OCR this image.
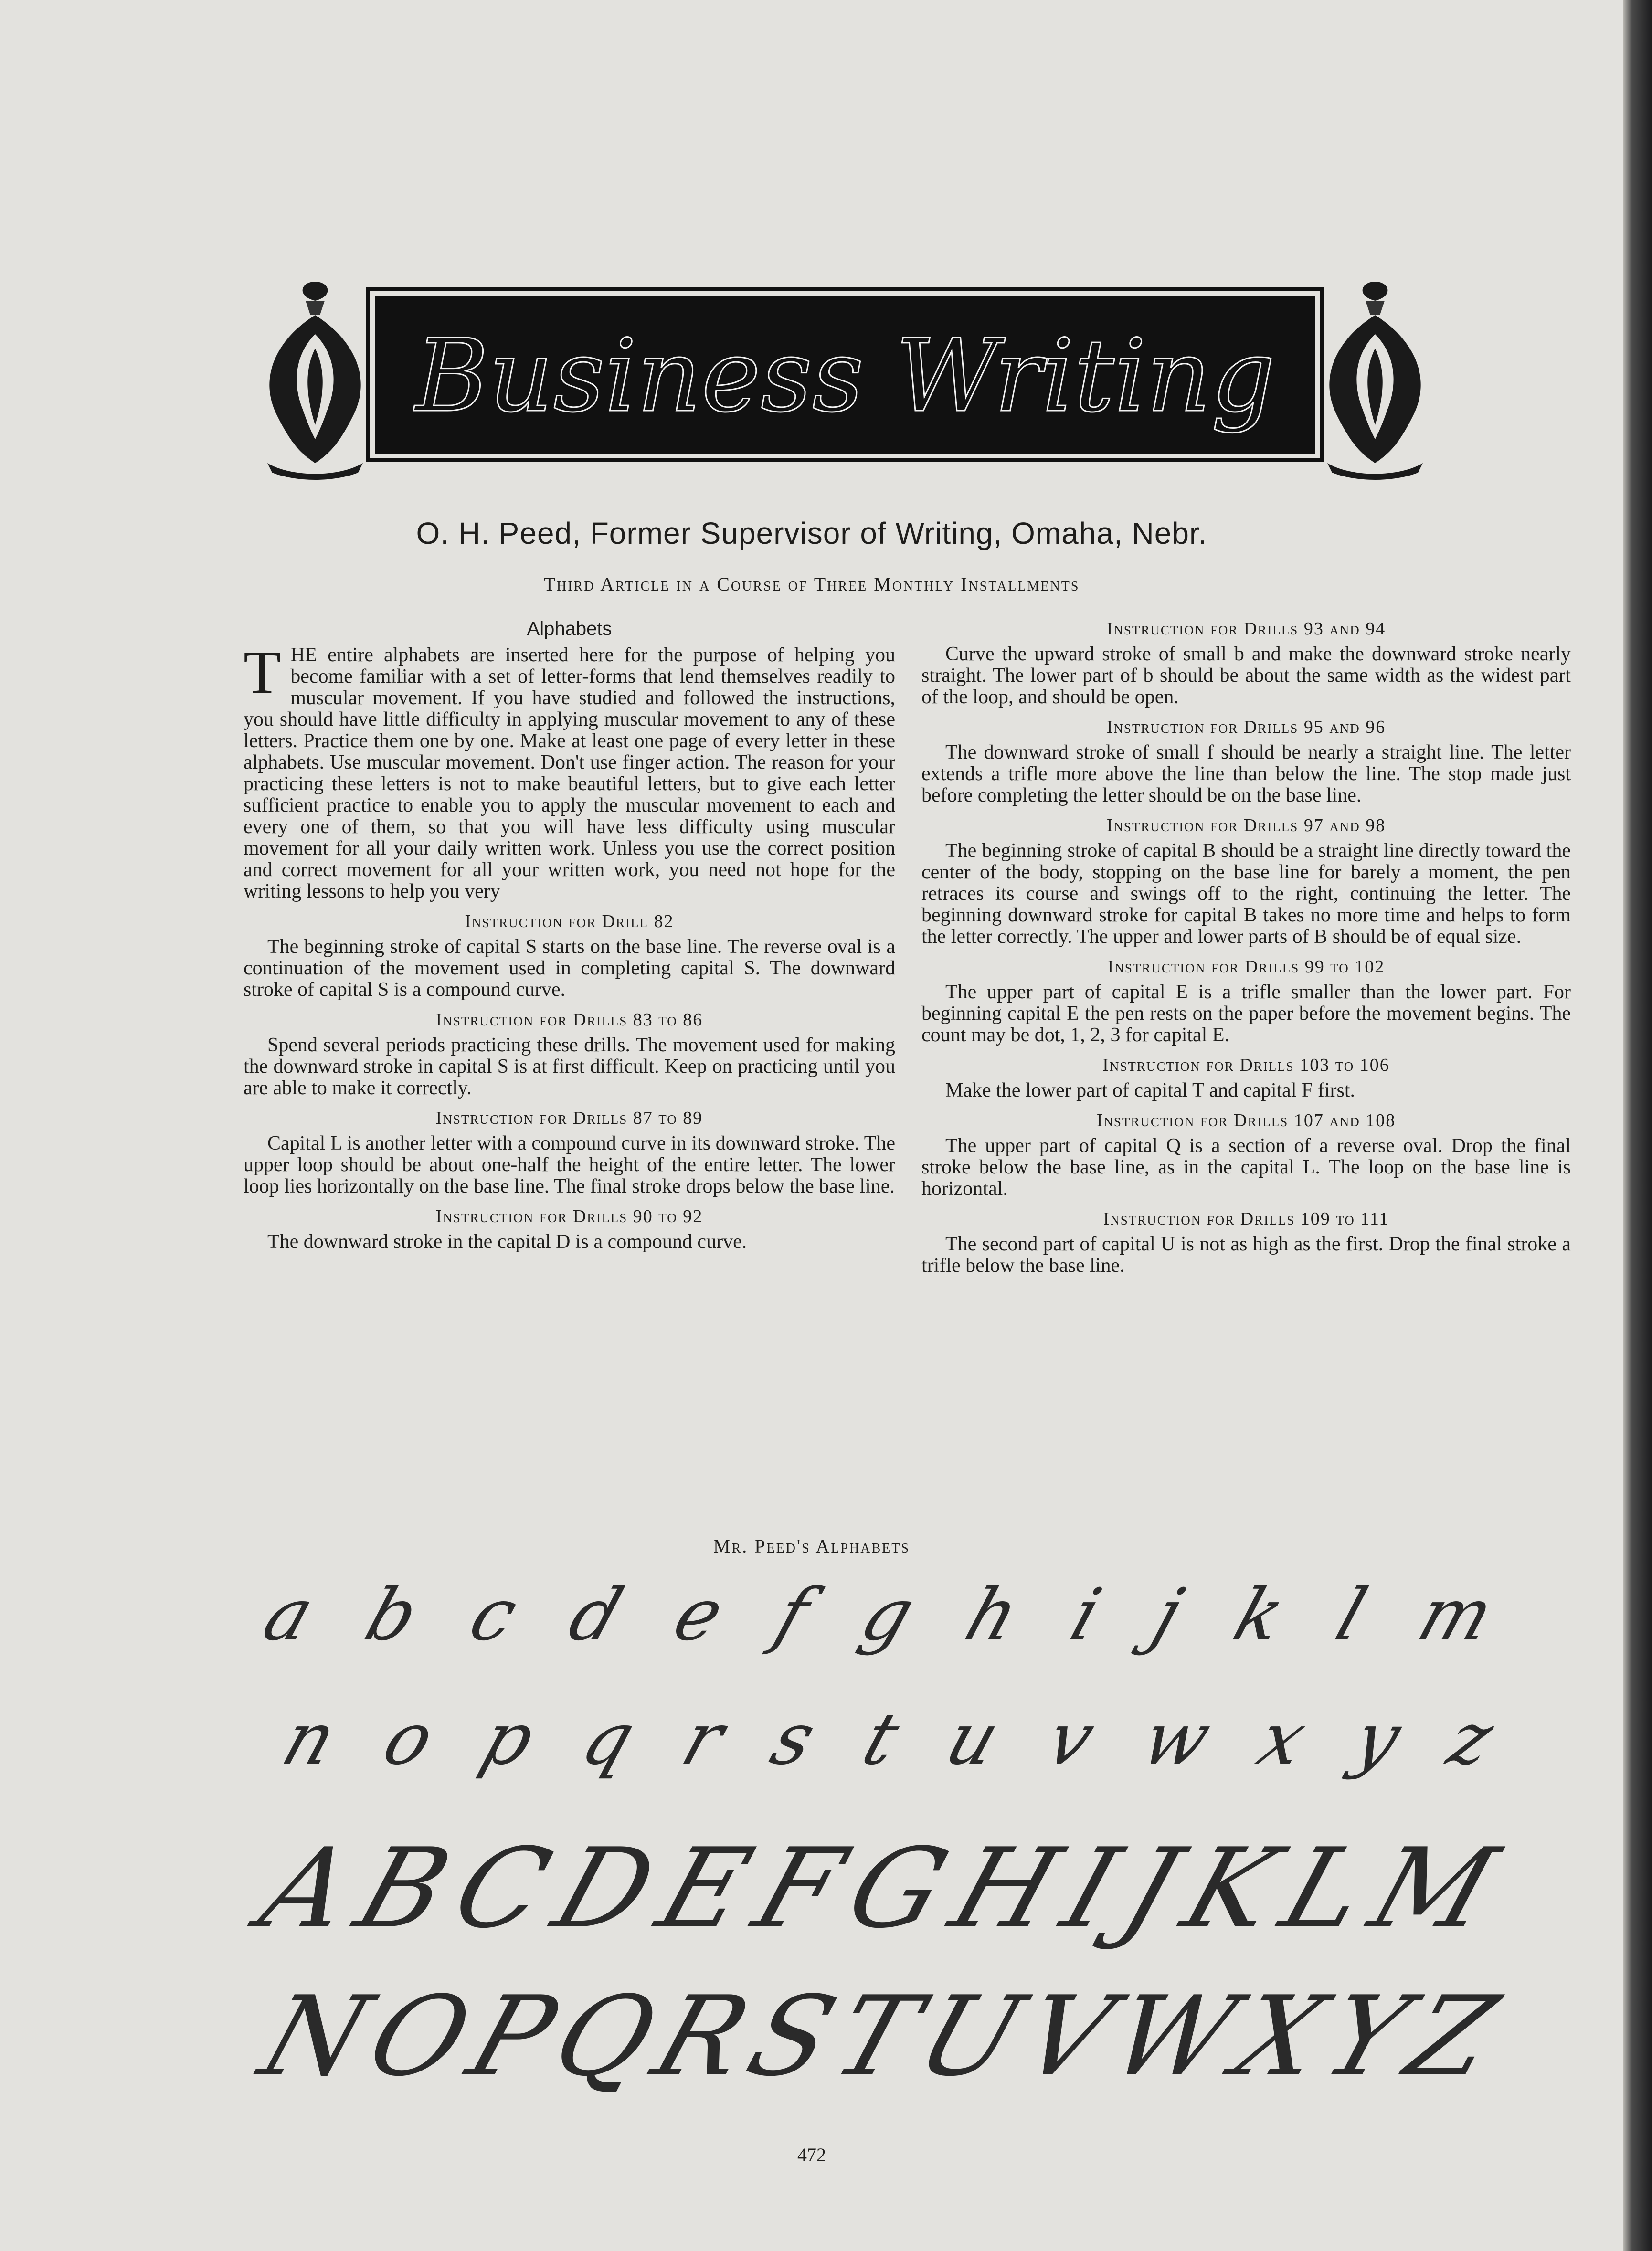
Business Writing
O. H. Peed, Former Supervisor of Writing, Omaha, Nebr.
Third Article in a Course of Three Monthly Installments
Alphabets

THE entire alphabets are inserted here for the purpose of helping you become familiar with a set of letter-forms that lend themselves readily to muscular movement. If you have studied and followed the instructions, you should have little difficulty in applying muscular movement to any of these letters. Practice them one by one. Make at least one page of every letter in these alphabets. Use muscular movement. Don't use finger action. The reason for your practicing these letters is not to make beautiful letters, but to give each letter sufficient practice to enable you to apply the muscular movement to each and every one of them, so that you will have less difficulty using muscular movement for all your daily written work. Unless you use the correct position and correct movement for all your written work, you need not hope for the writing lessons to help you very

Instruction for Drill 82

The beginning stroke of capital S starts on the base line. The reverse oval is a continuation of the movement used in completing capital S. The downward stroke of capital S is a compound curve.

Instruction for Drills 83 to 86

Spend several periods practicing these drills. The movement used for making the downward stroke in capital S is at first difficult. Keep on practicing until you are able to make it correctly.

Instruction for Drills 87 to 89

Capital L is another letter with a compound curve in its downward stroke. The upper loop should be about one-half the height of the entire letter. The lower loop lies horizontally on the base line. The final stroke drops below the base line.

Instruction for Drills 90 to 92

The downward stroke in the capital D is a compound curve.

Instruction for Drills 93 and 94

Curve the upward stroke of small b and make the downward stroke nearly straight. The lower part of b should be about the same width as the widest part of the loop, and should be open.

Instruction for Drills 95 and 96

The downward stroke of small f should be nearly a straight line. The letter extends a trifle more above the line than below the line. The stop made just before completing the letter should be on the base line.

Instruction for Drills 97 and 98

The beginning stroke of capital B should be a straight line directly toward the center of the body, stopping on the base line for barely a moment, the pen retraces its course and swings off to the right, continuing the letter. The beginning downward stroke for capital B takes no more time and helps to form the letter correctly. The upper and lower parts of B should be of equal size.

Instruction for Drills 99 to 102

The upper part of capital E is a trifle smaller than the lower part. For beginning capital E the pen rests on the paper before the movement begins. The count may be dot, 1, 2, 3 for capital E.

Instruction for Drills 103 to 106

Make the lower part of capital T and capital F first.

Instruction for Drills 107 and 108

The upper part of capital Q is a section of a reverse oval. Drop the final stroke below the base line, as in the capital L. The loop on the base line is horizontal.

Instruction for Drills 109 to 111

The second part of capital U is not as high as the first. Drop the final stroke a trifle below the base line.

Mr. Peed's Alphabets
a b c d e f g h i j k l m
n o p q r s t u v w x y z
A
B
C
D
E
F
G
H
I
J
K
L
M
N
O
P
Q
R
S
T
U
V
W
X
Y
Z
472
